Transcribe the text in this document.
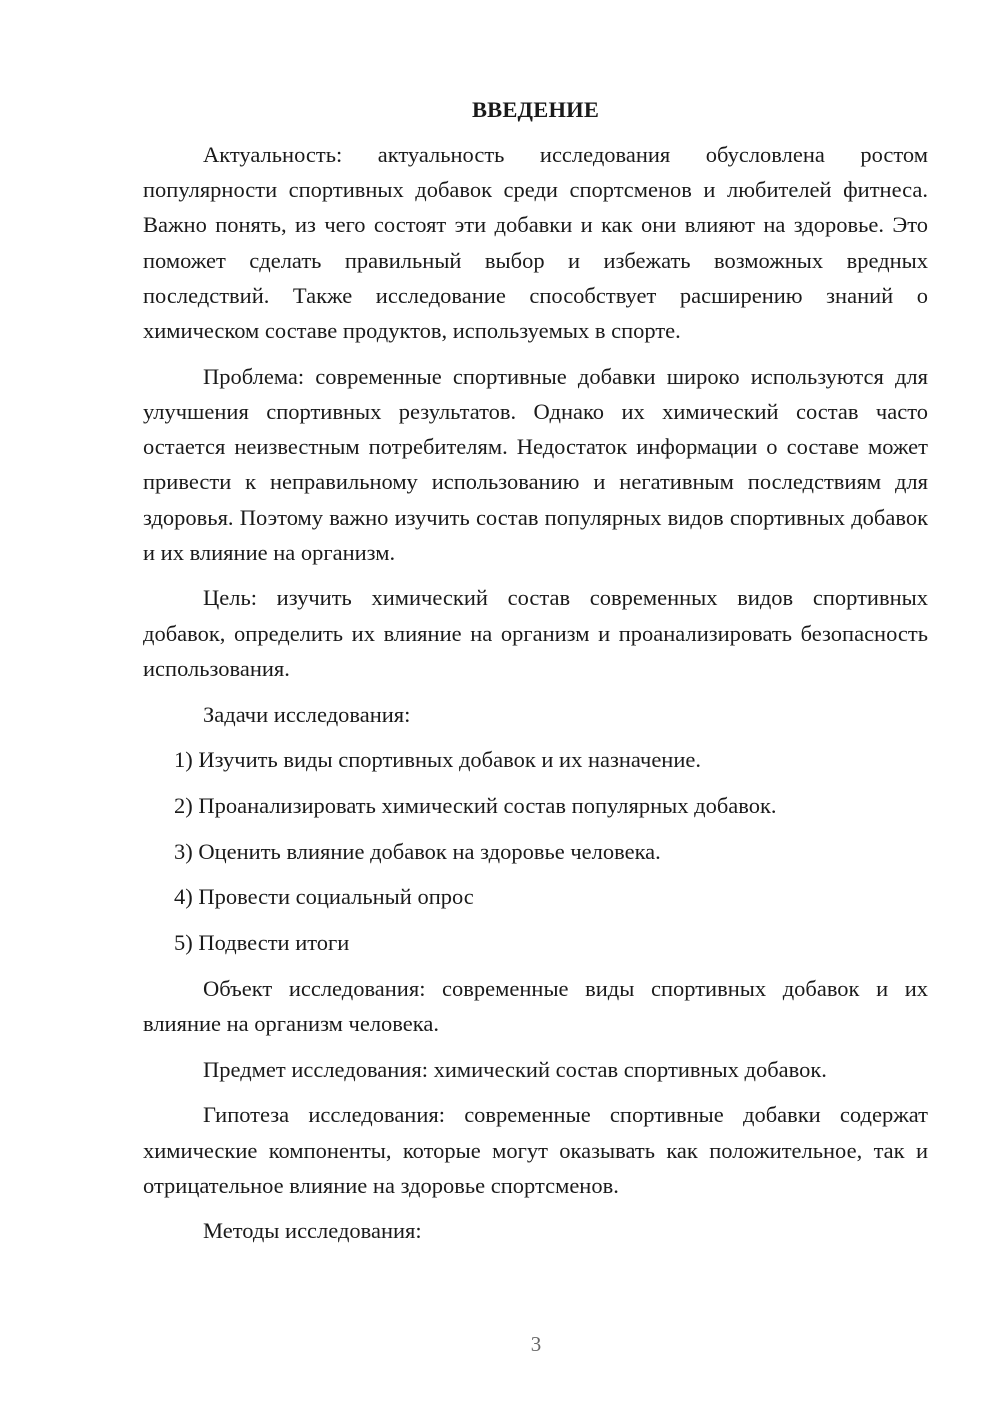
ВВЕДЕНИЕ

Актуальность: актуальность исследования обусловлена ростом популярности спортивных добавок среди спортсменов и любителей фитнеса. Важно понять, из чего состоят эти добавки и как они влияют на здоровье. Это поможет сделать правильный выбор и избежать возможных вредных последствий. Также исследование способствует расширению знаний о химическом составе продуктов, используемых в спорте.

Проблема: современные спортивные добавки широко используются для улучшения спортивных результатов. Однако их химический состав часто остается неизвестным потребителям. Недостаток информации о составе может привести к неправильному использованию и негативным последствиям для здоровья. Поэтому важно изучить состав популярных видов спортивных добавок и их влияние на организм.

Цель: изучить химический состав современных видов спортивных добавок, определить их влияние на организм и проанализировать безопасность использования.

Задачи исследования:

1) Изучить виды спортивных добавок и их назначение.

2) Проанализировать химический состав популярных добавок.

3) Оценить влияние добавок на здоровье человека.

4) Провести социальный опрос

5) Подвести итоги

Объект исследования: современные виды спортивных добавок и их влияние на организм человека.

Предмет исследования: химический состав спортивных добавок.

Гипотеза исследования: современные спортивные добавки содержат химические компоненты, которые могут оказывать как положительное, так и отрицательное влияние на здоровье спортсменов.

Методы исследования:

3
